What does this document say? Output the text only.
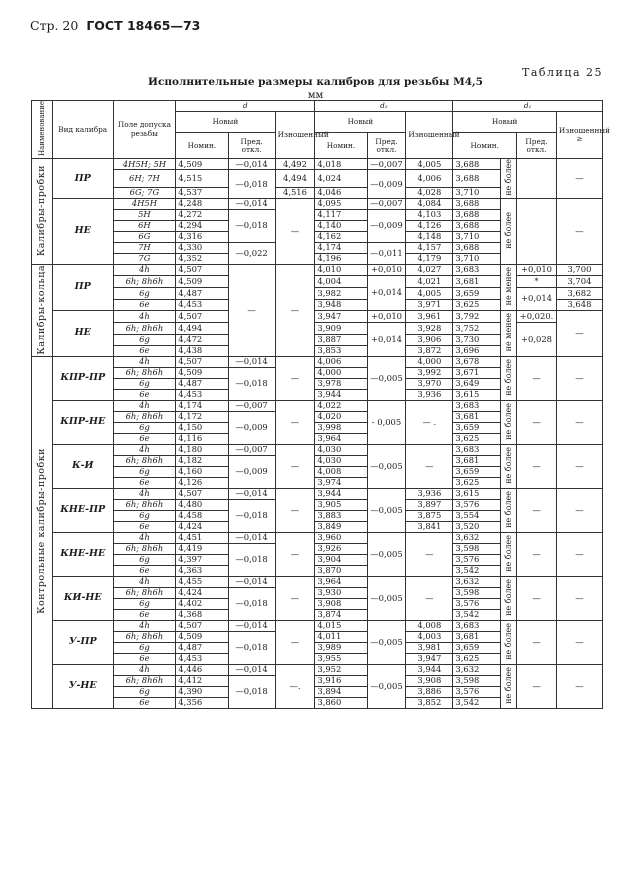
Стр. 20 ГОСТ 18465—73
Таблица 25
Исполнительные размеры калибров для резьбы М4,5
мм
Наименование	Вид калибра	Поле допуска резьбы	d			d₂			d₁			
			Новый		Изношенный	Новый		Изношенный	Новый			Изношенный ≥
			Номин.	Пред. откл.		Номин.	Пред. откл.		Номин.		Пред. откл.	
Калибры-пробки	ПР	4H5H; 5H	4,509	—0,014	4,492	4,018	—0,007	4,005	3,688	не более		—
		6H; 7H	4,515	—0,018	4,494	4,024	—0,009	4,006	3,688			
		6G; 7G	4,537		4,516	4,046		4,028	3,710			
	НЕ	4H5H	4,248	—0,014	—	4,095	—0,007	4,084	3,688	не более		—
		5H	4,272	—0,018		4,117	—0,009	4,103	3,688			
		6H	4,294			4,140		4,126	3,688			
		6G	4,316			4,162		4,148	3,710			
		7H	4,330	—0,022		4,174	—0,011	4,157	3,688			
		7G	4,352			4,196		4,179	3,710			
Калибры-кольца	ПР	4h	4,507	—	—	4,010	+0,010	4,027	3,683	не менее	+0,010	3,700
		6h; 8h6h	4,509			4,004	+0,014	4,021	3,681		*	3,704
		6g	4,487			3,982		4,005	3,659		+0,014	3,682
		6e	4,453			3,948		3,971	3,625			3,648
	НЕ	4h	4,507			3,947	+0,010	3,961	3,792	не менее	+0,020.	—
		6h; 8h6h	4,494			3,909	+0,014	3,928	3,752		+0,028	
		6g	4,472			3,887		3,906	3,730			
		6e	4,438			3,853		3,872	3,696			
Контрольные калибры-пробки	КПР-ПР	4h	4,507	—0,014	—	4,006	—0,005	4,000	3,678	не более	—	—
		6h; 8h6h	4,509	—0,018		4,000		3,992	3,671			
		6g	4,487			3,978		3,970	3,649			
		6e	4,453			3,944		3,936	3,615			
	КПР-НЕ	4h	4,174	—0,007	—	4,022	- 0,005	— .	3,683	не более	—	—
		6h; 8h6h	4,172	—0,009		4,020			3,681			
		6g	4,150			3,998			3,659			
		6e	4,116			3,964			3,625			
	К-И	4h	4,180	—0,007	—	4,030	—0,005	—	3,683	не более	—	—
		6h; 8h6h	4,182	—0,009		4,030			3,681			
		6g	4,160			4,008			3,659			
		6e	4,126			3,974			3,625			
	КНЕ-ПР	4h	4,507	—0,014	—	3,944	—0,005	3,936	3,615	не более	—	—
		6h; 8h6h	4,480	—0,018		3,905		3,897	3,576			
		6g	4,458			3,883		3,875	3,554			
		6e	4,424			3,849		3,841	3,520			
	КНЕ-НЕ	4h	4,451	—0,014	—	3,960	—0,005	—	3,632	не более	—	—
		6h; 8h6h	4,419	—0,018		3,926			3,598			
		6g	4,397			3,904			3,576			
		6e	4,363			3,870			3,542			
	КИ-НЕ	4h	4,455	—0,014	—	3,964	—0,005	—	3,632	не более	—	—
		6h; 8h6h	4,424	—0,018		3,930			3,598			
		6g	4,402			3,908			3,576			
		6e	4,368			3,874			3,542			
	У-ПР	4h	4,507	—0,014	—	4,015	—0,005	4,008	3,683	не более	—	—
		6h; 8h6h	4,509	—0,018		4,011		4,003	3,681			
		6g	4,487			3,989		3,981	3,659			
		6e	4,453			3,955		3,947	3,625			
	У-НЕ	4h	4,446	—0,014	—.	3,952	—0,005	3,944	3,632	не более	—	—
		6h; 8h6h	4,412	—0,018		3,916		3,908	3,598			
		6g	4,390			3,894		3,886	3,576			
		6e	4,356			3,860		3,852	3,542			
